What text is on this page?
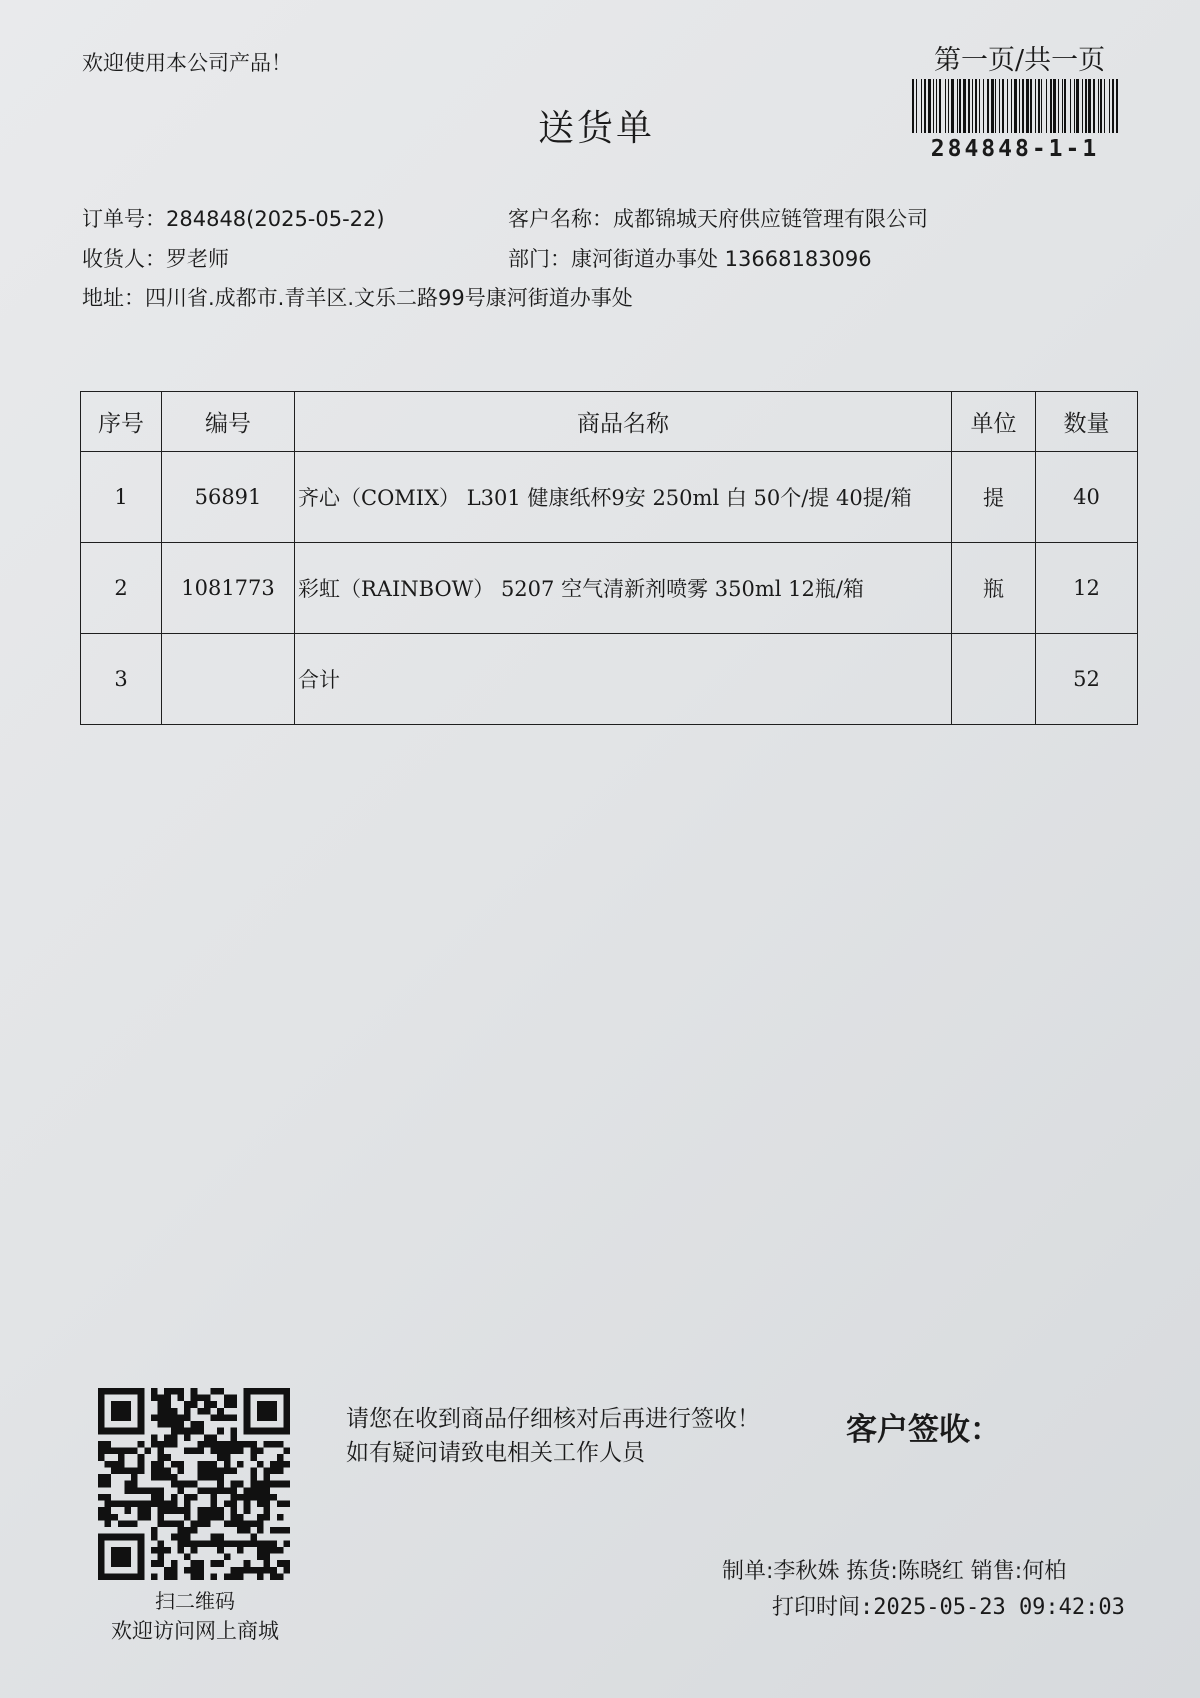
欢迎使用本公司产品！
送货单
第一页/共一页
284848-1-1
订单号：284848(2025-05-22)	客户名称：成都锦城天府供应链管理有限公司
收货人：罗老师	部门：康河街道办事处 13668183096
地址：四川省.成都市.青羊区.文乐二路99号康河街道办事处
序号	编号	商品名称	单位	数量
1	56891	齐心（COMIX） L301 健康纸杯9安 250ml 白 50个/提 40提/箱	提	40
2	1081773	彩虹（RAINBOW） 5207 空气清新剂喷雾 350ml 12瓶/箱	瓶	12
3		合计		52
扫二维码
欢迎访问网上商城
请您在收到商品仔细核对后再进行签收！如有疑问请致电相关工作人员
客户签收：
制单:李秋姝 拣货:陈晓红 销售:何柏
打印时间:2025-05-23 09:42:03
